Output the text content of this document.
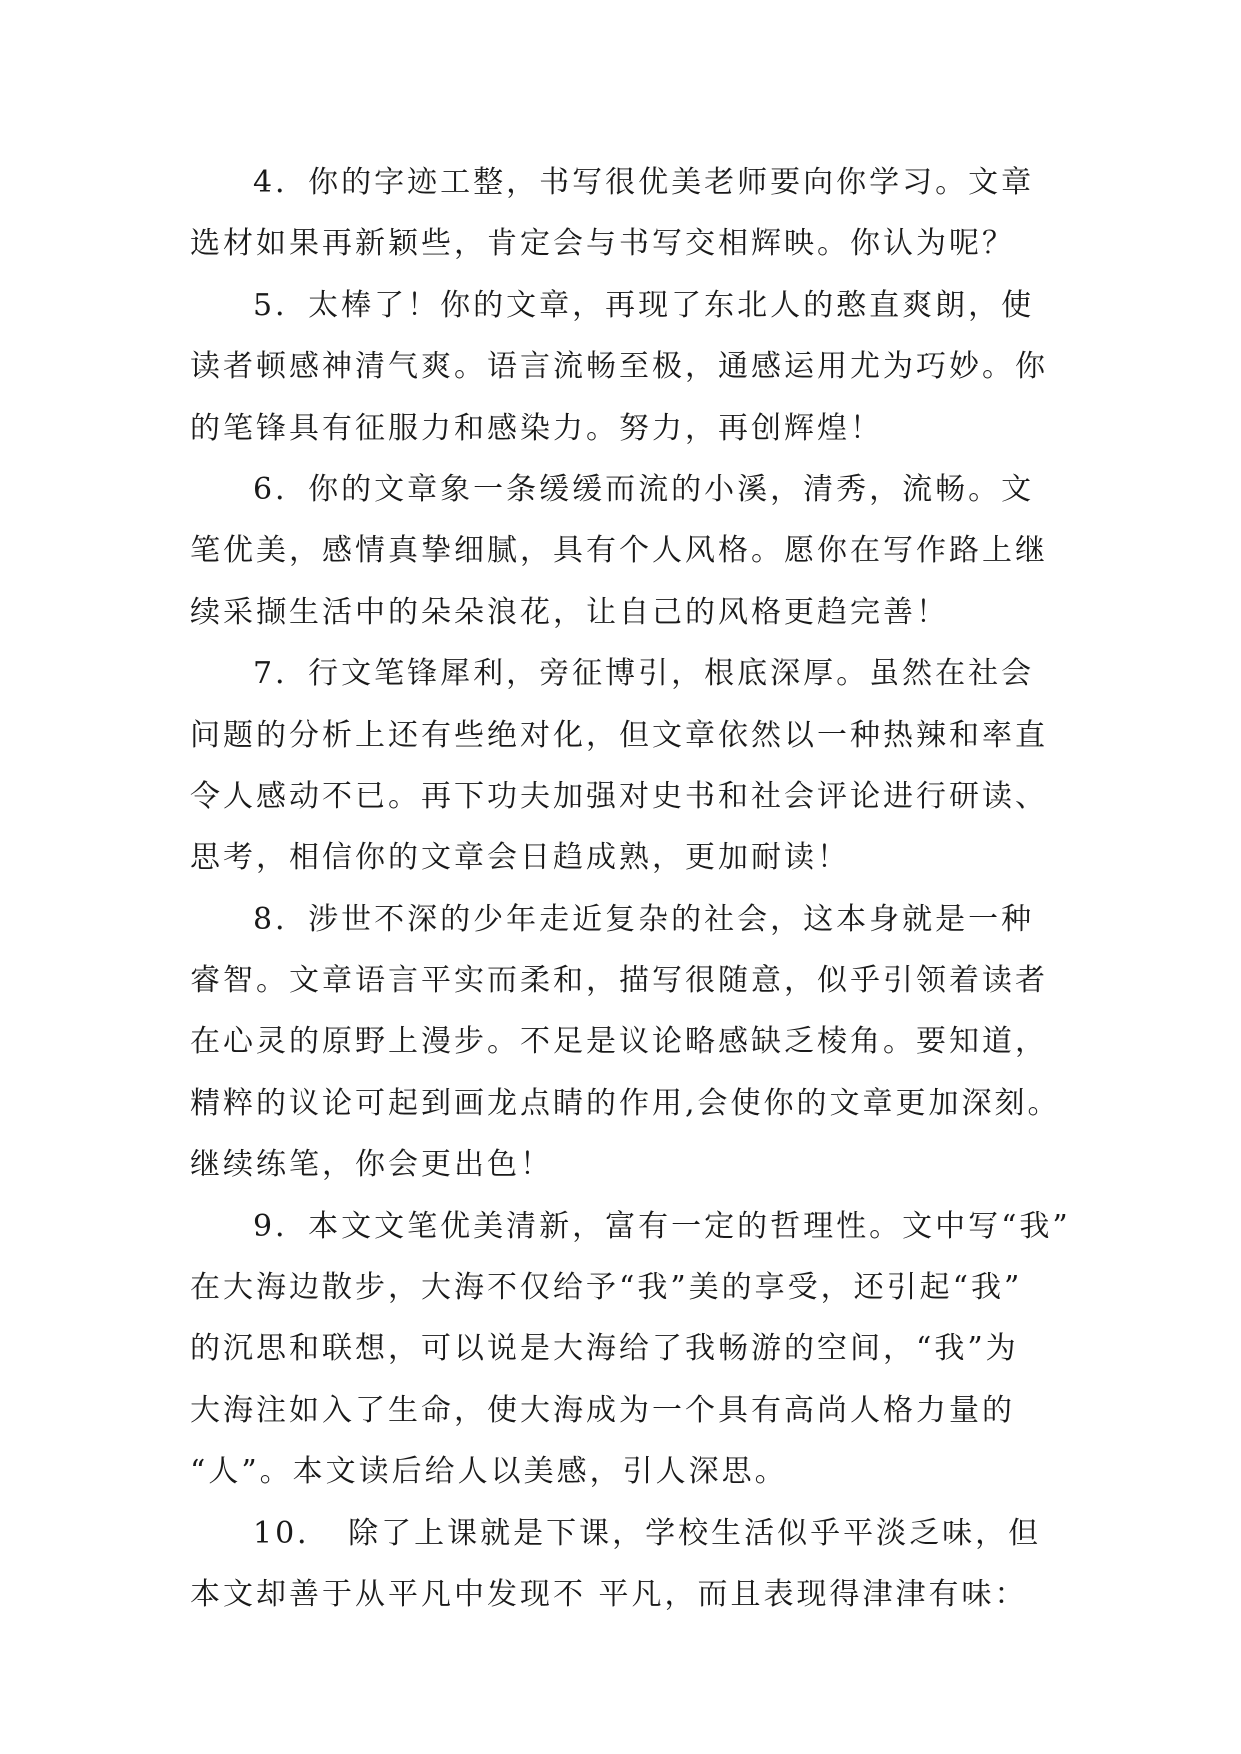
4．你的字迹工整，书写很优美老师要向你学习。文章
选材如果再新颖些，肯定会与书写交相辉映。你认为呢？
5．太棒了！你的文章，再现了东北人的憨直爽朗，使
读者顿感神清气爽。语言流畅至极，通感运用尤为巧妙。你
的笔锋具有征服力和感染力。努力，再创辉煌！
6．你的文章象一条缓缓而流的小溪，清秀，流畅。文
笔优美，感情真挚细腻，具有个人风格。愿你在写作路上继
续采撷生活中的朵朵浪花，让自己的风格更趋完善！
7．行文笔锋犀利，旁征博引，根底深厚。虽然在社会
问题的分析上还有些绝对化，但文章依然以一种热辣和率直
令人感动不已。再下功夫加强对史书和社会评论进行研读、
思考，相信你的文章会日趋成熟，更加耐读！
8．涉世不深的少年走近复杂的社会，这本身就是一种
睿智。文章语言平实而柔和，描写很随意，似乎引领着读者
在心灵的原野上漫步。不足是议论略感缺乏棱角。要知道，
精粹的议论可起到画龙点睛的作用,会使你的文章更加深刻。
继续练笔，你会更出色！
9．本文文笔优美清新，富有一定的哲理性。文中写“我”
在大海边散步，大海不仅给予“我”美的享受，还引起“我”
的沉思和联想，可以说是大海给了我畅游的空间，“我”为
大海注如入了生命，使大海成为一个具有高尚人格力量的
“人”。本文读后给人以美感，引人深思。
10．　除了上课就是下课，学校生活似乎平淡乏味，但
本文却善于从平凡中发现不 平凡，而且表现得津津有味：
